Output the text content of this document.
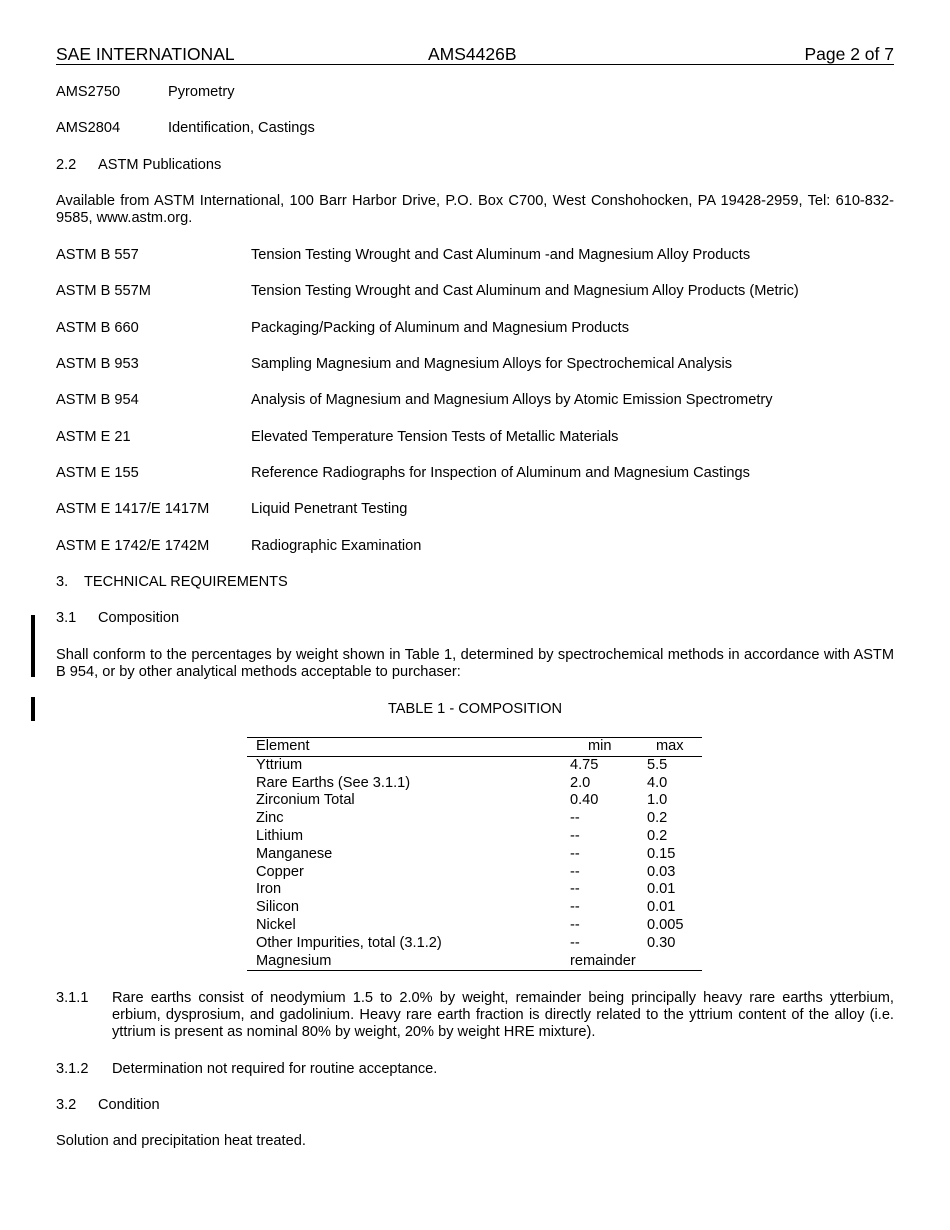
SAE INTERNATIONAL	AMS4426B	Page 2 of 7
AMS2750	Pyrometry
AMS2804	Identification, Castings
2.2 ASTM Publications
Available from ASTM International, 100 Barr Harbor Drive, P.O. Box C700, West Conshohocken, PA 19428-2959, Tel: 610-832-9585, www.astm.org.
ASTM B 557	Tension Testing Wrought and Cast Aluminum -and Magnesium Alloy Products
ASTM B 557M	Tension Testing Wrought and Cast Aluminum and Magnesium Alloy Products (Metric)
ASTM B 660	Packaging/Packing of Aluminum and Magnesium Products
ASTM B 953	Sampling Magnesium and Magnesium Alloys for Spectrochemical Analysis
ASTM B 954	Analysis of Magnesium and Magnesium Alloys by Atomic Emission Spectrometry
ASTM E 21	Elevated Temperature Tension Tests of Metallic Materials
ASTM E 155	Reference Radiographs for Inspection of Aluminum and Magnesium Castings
ASTM E 1417/E 1417M	Liquid Penetrant Testing
ASTM E 1742/E 1742M	Radiographic Examination
3. TECHNICAL REQUIREMENTS
3.1 Composition
Shall conform to the percentages by weight shown in Table 1, determined by spectrochemical methods in accordance with ASTM B 954, or by other analytical methods acceptable to purchaser:
TABLE 1 - COMPOSITION
Element	min	max
Yttrium	4.75	5.5
Rare Earths (See 3.1.1)	2.0	4.0
Zirconium Total	0.40	1.0
Zinc	--	0.2
Lithium	--	0.2
Manganese	--	0.15
Copper	--	0.03
Iron	--	0.01
Silicon	--	0.01
Nickel	--	0.005
Other Impurities, total (3.1.2)	--	0.30
Magnesium	remainder	
3.1.1 Rare earths consist of neodymium 1.5 to 2.0% by weight, remainder being principally heavy rare earths ytterbium, erbium, dysprosium, and gadolinium. Heavy rare earth fraction is directly related to the yttrium content of the alloy (i.e. yttrium is present as nominal 80% by weight, 20% by weight HRE mixture).
3.1.2 Determination not required for routine acceptance.
3.2 Condition
Solution and precipitation heat treated.
